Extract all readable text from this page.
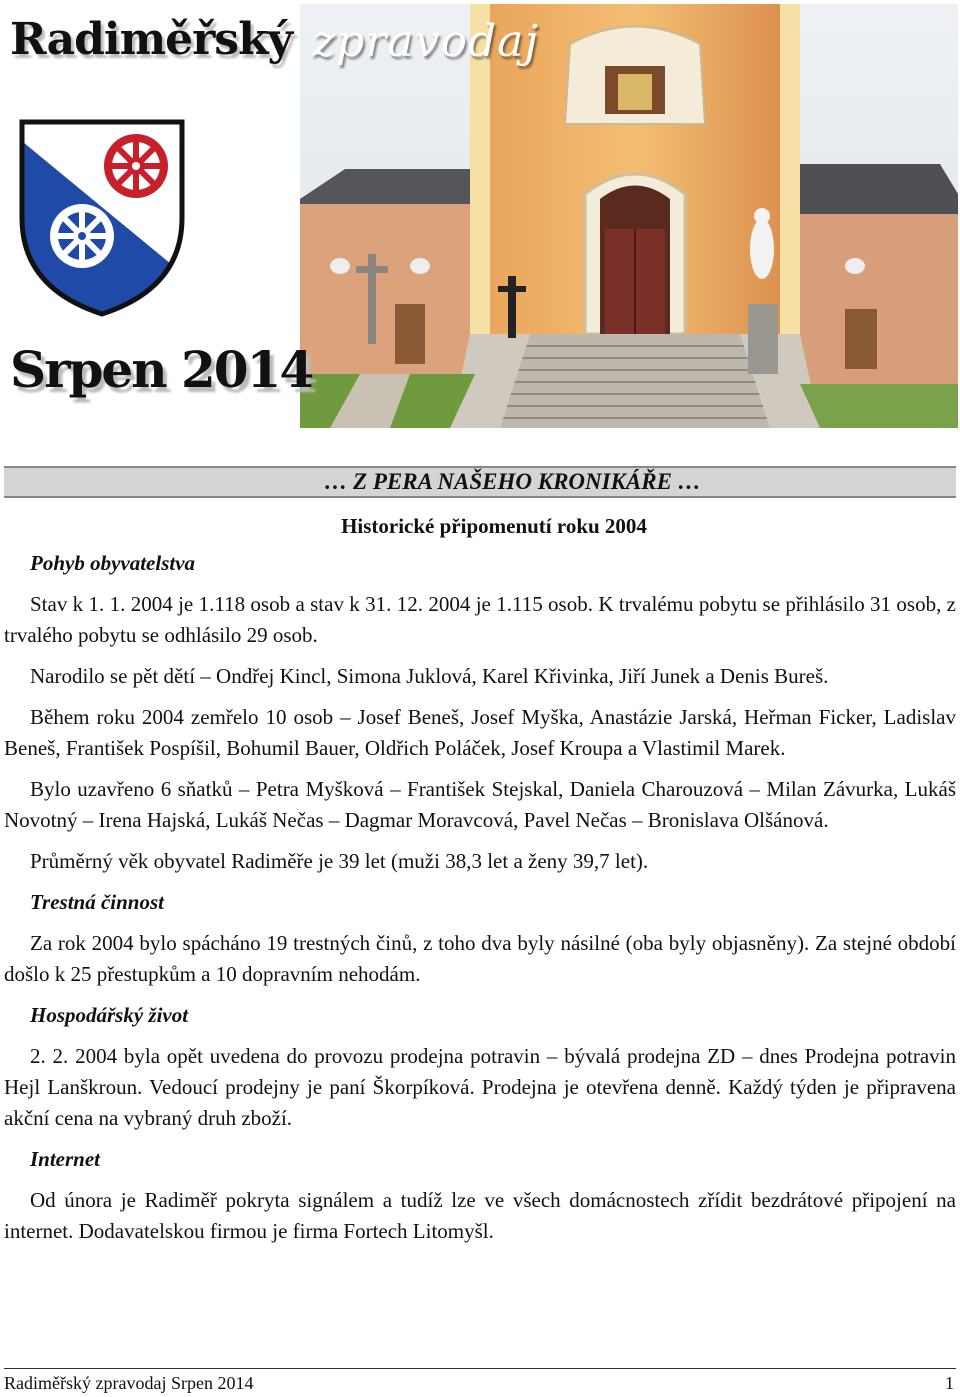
Radiměřský zpravodaj
Srpen 2014
… Z PERA NAŠEHO KRONIKÁŘE …
Historické připomenutí roku 2004
Pohyb obyvatelstva

Stav k 1. 1. 2004 je 1.118 osob a stav k 31. 12. 2004 je 1.115 osob. K trvalému pobytu se přihlásilo 31 osob, z trvalého pobytu se odhlásilo 29 osob.

Narodilo se pět dětí – Ondřej Kincl, Simona Juklová, Karel Křivinka, Jiří Junek a Denis Bureš.

Během roku 2004 zemřelo 10 osob – Josef Beneš, Josef Myška, Anastázie Jarská, Heřman Ficker, Ladislav Beneš, František Pospíšil, Bohumil Bauer, Oldřich Poláček, Josef Kroupa a Vlastimil Marek.

Bylo uzavřeno 6 sňatků – Petra Myšková – František Stejskal, Daniela Charouzová – Milan Závurka, Lukáš Novotný – Irena Hajská, Lukáš Nečas – Dagmar Moravcová, Pavel Nečas – Bronislava Olšánová.

Průměrný věk obyvatel Radiměře je 39 let (muži 38,3 let a ženy 39,7 let).

Trestná činnost

Za rok 2004 bylo spácháno 19 trestných činů, z toho dva byly násilné (oba byly objasněny). Za stejné období došlo k 25 přestupkům a 10 dopravním nehodám.

Hospodářský život

2. 2. 2004 byla opět uvedena do provozu prodejna potravin – bývalá prodejna ZD – dnes Prodejna potravin Hejl Lanškroun. Vedoucí prodejny je paní Škorpíková. Prodejna je otevřena denně. Každý týden je připravena akční cena na vybraný druh zboží.

Internet

Od února je Radiměř pokryta signálem a tudíž lze ve všech domácnostech zřídit bezdrátové připojení na internet. Dodavatelskou firmou je firma Fortech Litomyšl.

Radiměřský zpravodaj Srpen 2014	1
